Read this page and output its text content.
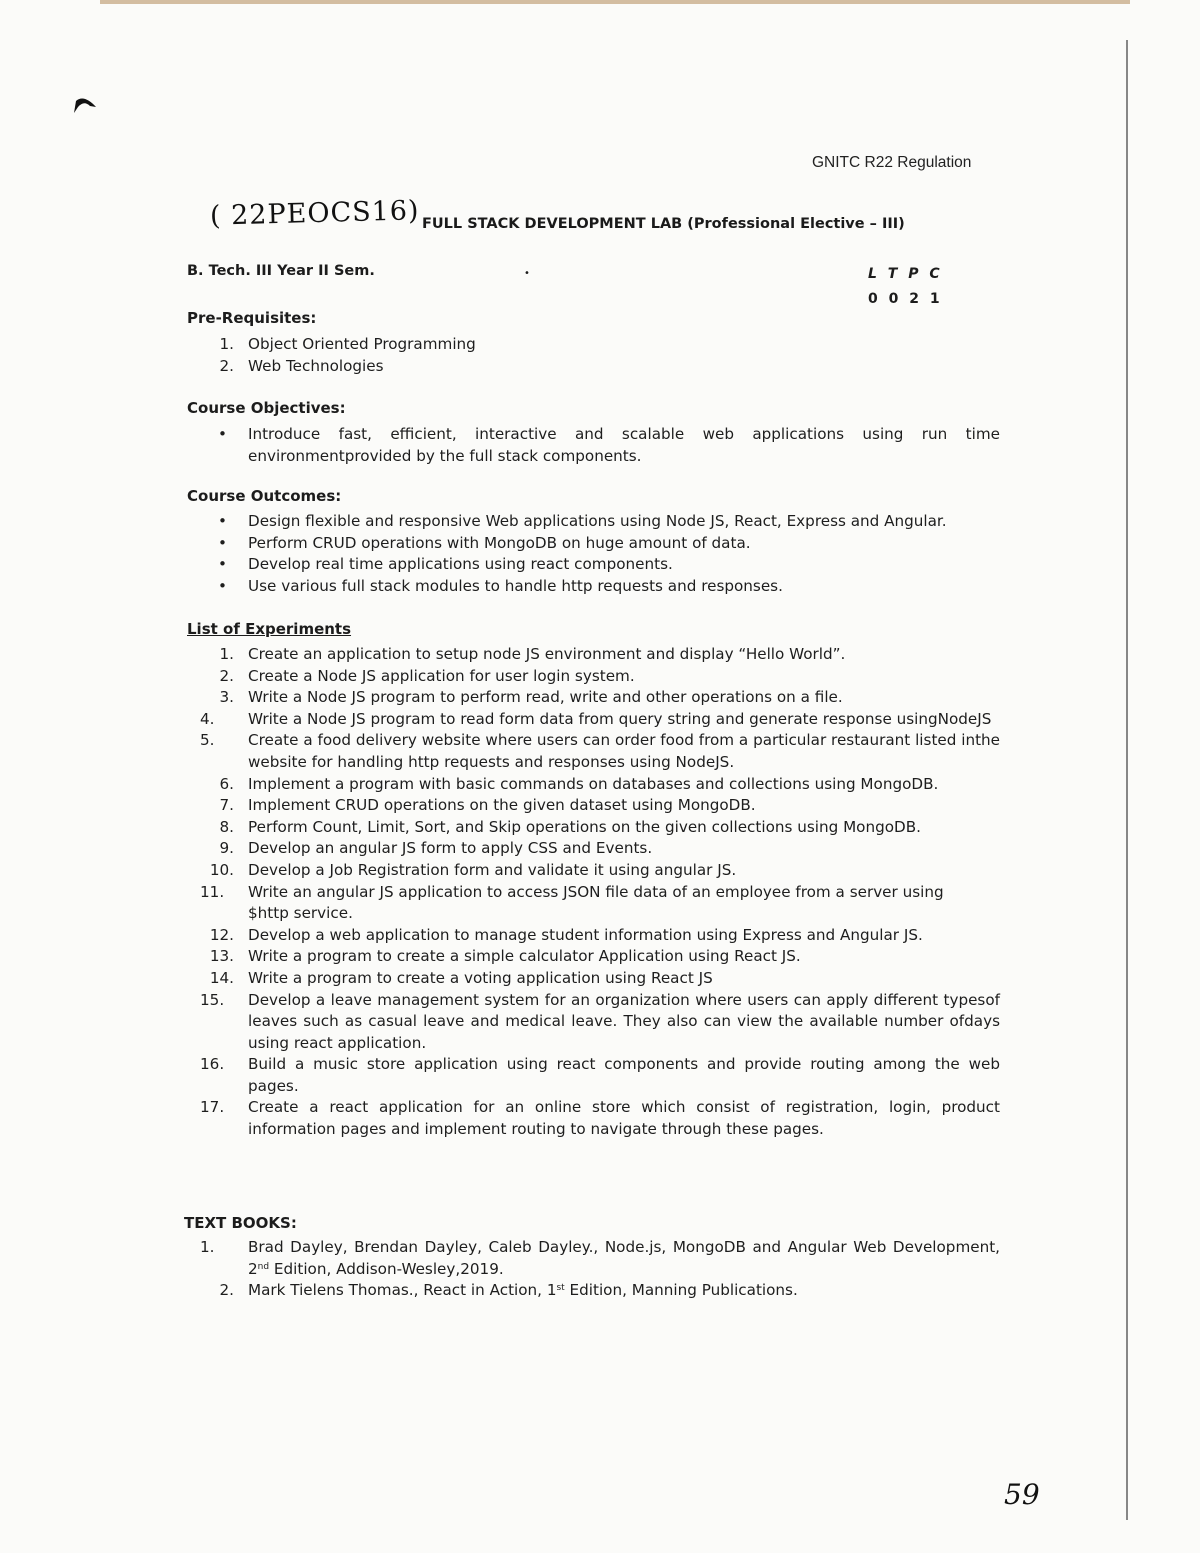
GNITC R22 Regulation
( 22PEOCS16) FULL STACK DEVELOPMENT LAB (Professional Elective – III)
B. Tech. III Year II Sem.	•	L T P C
0 0 2 1

Pre-Requisites:

1. Object Oriented Programming
2. Web Technologies

Course Objectives:

• Introduce fast, efficient, interactive and scalable web applications using run time environmentprovided by the full stack components.

Course Outcomes:

• Design flexible and responsive Web applications using Node JS, React, Express and Angular.
• Perform CRUD operations with MongoDB on huge amount of data.
• Develop real time applications using react components.
• Use various full stack modules to handle http requests and responses.

List of Experiments

1. Create an application to setup node JS environment and display “Hello World”.
2. Create a Node JS application for user login system.
3. Write a Node JS program to perform read, write and other operations on a file.
4.	Write a Node JS program to read form data from query string and generate response usingNodeJS
5.	Create a food delivery website where users can order food from a particular restaurant listed inthe website for handling http requests and responses using NodeJS.
6. Implement a program with basic commands on databases and collections using MongoDB.
7. Implement CRUD operations on the given dataset using MongoDB.
8. Perform Count, Limit, Sort, and Skip operations on the given collections using MongoDB.
9. Develop an angular JS form to apply CSS and Events.
10. Develop a Job Registration form and validate it using angular JS.
11.	Write an angular JS application to access JSON file data of an employee from a server using
$http service.
12. Develop a web application to manage student information using Express and Angular JS.
13. Write a program to create a simple calculator Application using React JS.
14. Write a program to create a voting application using React JS
15.	Develop a leave management system for an organization where users can apply different typesof leaves such as casual leave and medical leave. They also can view the available number ofdays using react application.
16.	Build a music store application using react components and provide routing among the web pages.
17.	Create a react application for an online store which consist of registration, login, product information pages and implement routing to navigate through these pages.

TEXT BOOKS:

1.	Brad Dayley, Brendan Dayley, Caleb Dayley., Node.js, MongoDB and Angular Web Development, 2nd Edition, Addison-Wesley,2019.
2. Mark Tielens Thomas., React in Action, 1st Edition, Manning Publications.
59
